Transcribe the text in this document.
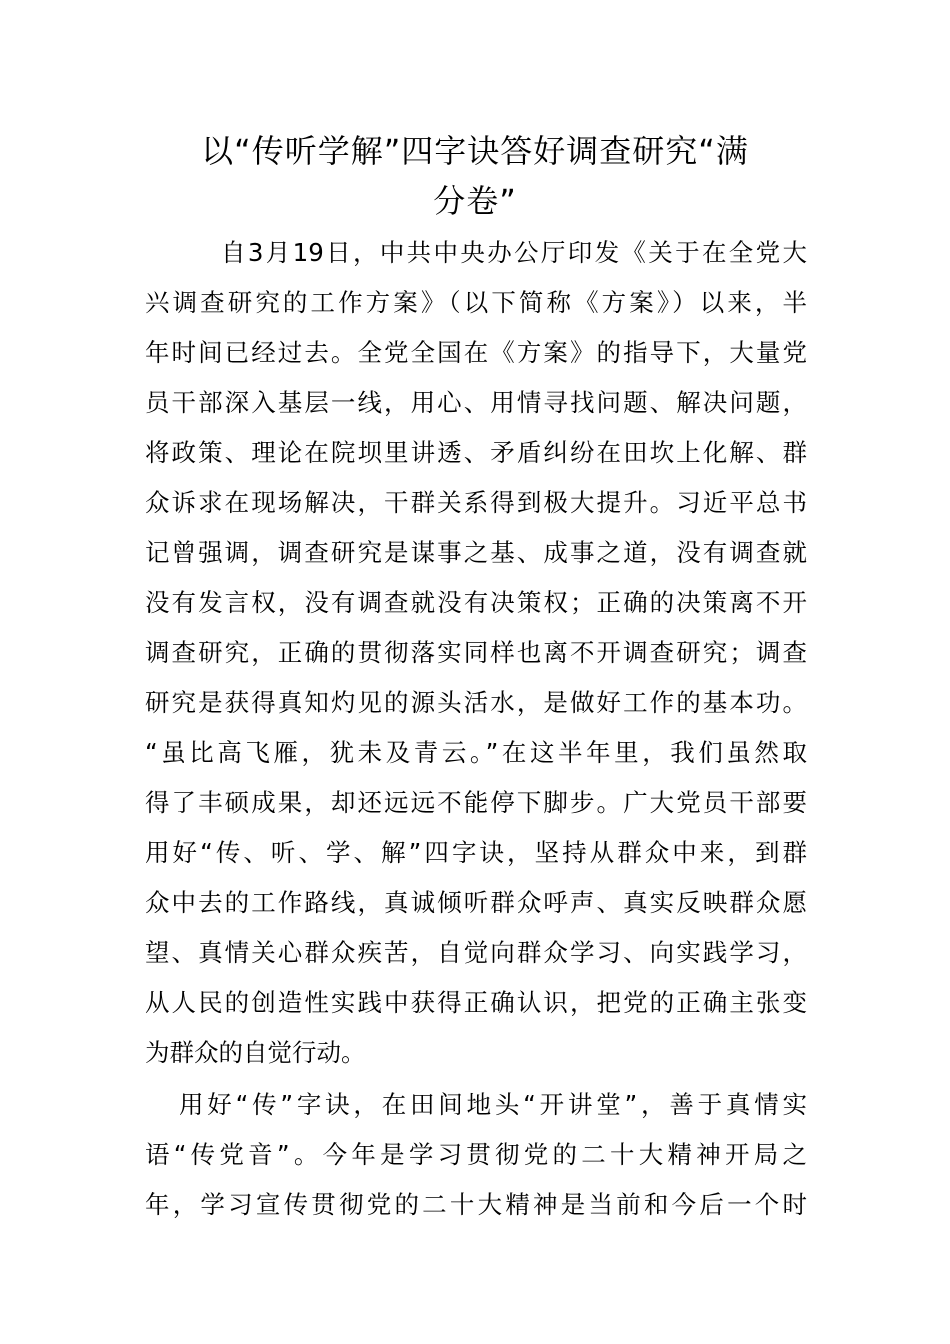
以“传听学解”四字诀答好调查研究“满
分卷”
自3月19日，中共中央办公厅印发《关于在全党大
兴调查研究的工作方案》（以下简称《方案》）以来，半
年时间已经过去。全党全国在《方案》的指导下，大量党
员干部深入基层一线，用心、用情寻找问题、解决问题，
将政策、理论在院坝里讲透、矛盾纠纷在田坎上化解、群
众诉求在现场解决，干群关系得到极大提升。习近平总书
记曾强调，调查研究是谋事之基、成事之道，没有调查就
没有发言权，没有调查就没有决策权；正确的决策离不开
调查研究，正确的贯彻落实同样也离不开调查研究；调查
研究是获得真知灼见的源头活水，是做好工作的基本功。
“虽比高飞雁，犹未及青云。”在这半年里，我们虽然取
得了丰硕成果，却还远远不能停下脚步。广大党员干部要
用好“传、听、学、解”四字诀，坚持从群众中来，到群
众中去的工作路线，真诚倾听群众呼声、真实反映群众愿
望、真情关心群众疾苦，自觉向群众学习、向实践学习，
从人民的创造性实践中获得正确认识，把党的正确主张变
为群众的自觉行动。
用好“传”字诀，在田间地头“开讲堂”，善于真情实
语“传党音”。今年是学习贯彻党的二十大精神开局之
年，学习宣传贯彻党的二十大精神是当前和今后一个时
